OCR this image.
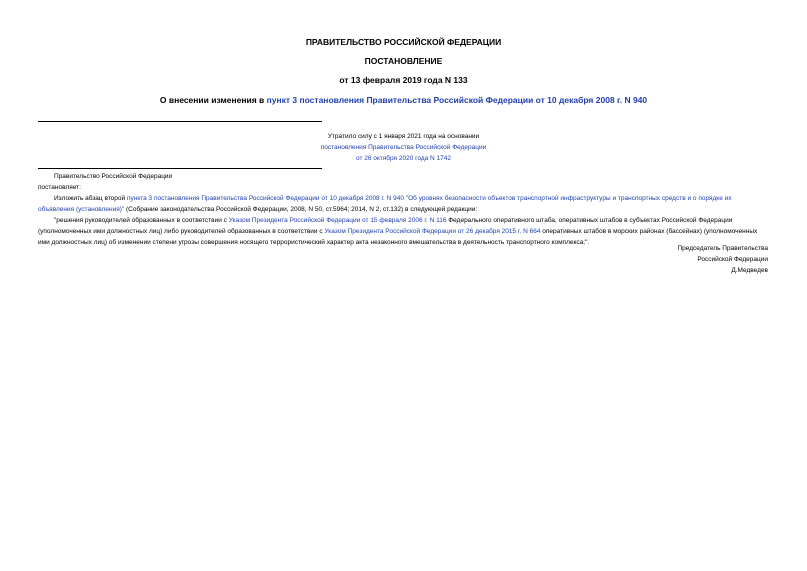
ПРАВИТЕЛЬСТВО РОССИЙСКОЙ ФЕДЕРАЦИИ
ПОСТАНОВЛЕНИЕ
от 13 февраля 2019 года N 133
О внесении изменения в пункт 3 постановления Правительства Российской Федерации от 10 декабря 2008 г. N 940
Утратило силу с 1 января 2021 года на основании
постановления Правительства Российской Федерации
от 26 октября 2020 года N 1742

Правительство Российской Федерации

постановляет:

Изложить абзац второй пункта 3 постановления Правительства Российской Федерации от 10 декабря 2008 г. N 940 "Об уровнях безопасности объектов транспортной инфраструктуры и транспортных средств и о порядке их объявления (установления)" (Собрание законодательства Российской Федерации, 2008, N 50, ст.5964; 2014, N 2, ст.132) в следующей редакции:

"решения руководителей образованных в соответствии с Указом Президента Российской Федерации от 15 февраля 2006 г. N 116 Федерального оперативного штаба, оперативных штабов в субъектах Российской Федерации (уполномоченных ими должностных лиц) либо руководителей образованных в соответствии с Указом Президента Российской Федерации от 26 декабря 2015 г. N 664 оперативных штабов в морских районах (бассейнах) (уполномоченных ими должностных лиц) об изменении степени угрозы совершения носящего террористический характер акта незаконного вмешательства в деятельность транспортного комплекса;".

Председатель Правительства
Российской Федерации
Д.Медведев
